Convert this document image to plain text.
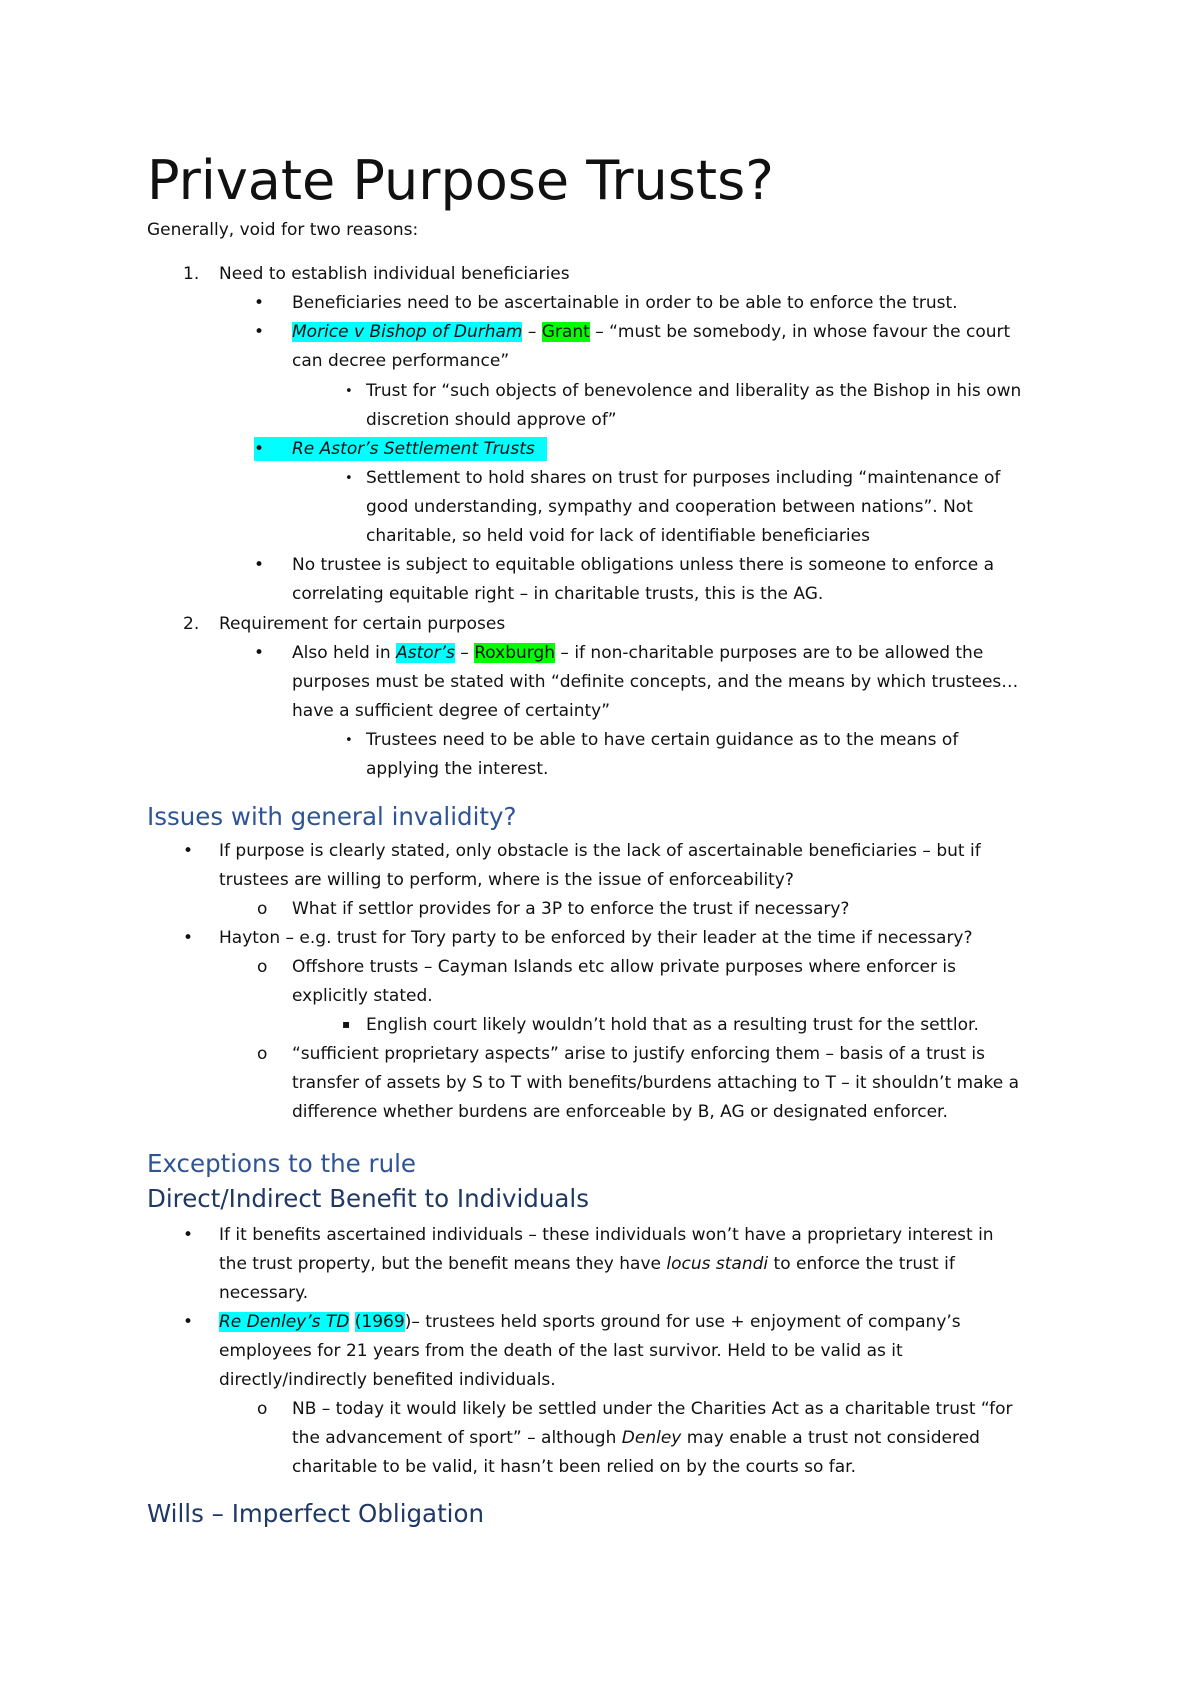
Private Purpose Trusts?
Generally, void for two reasons:
1. Need to establish individual beneficiaries
• Beneficiaries need to be ascertainable in order to be able to enforce the trust.
• Morice v Bishop of Durham – Grant – “must be somebody, in whose favour the court
can decree performance”
• Trust for “such objects of benevolence and liberality as the Bishop in his own
discretion should approve of”
• Re Astor’s Settlement Trusts
• Settlement to hold shares on trust for purposes including “maintenance of
good understanding, sympathy and cooperation between nations”. Not
charitable, so held void for lack of identifiable beneficiaries
• No trustee is subject to equitable obligations unless there is someone to enforce a
correlating equitable right – in charitable trusts, this is the AG.
2. Requirement for certain purposes
• Also held in Astor’s – Roxburgh – if non-charitable purposes are to be allowed the
purposes must be stated with “definite concepts, and the means by which trustees…
have a sufficient degree of certainty”
• Trustees need to be able to have certain guidance as to the means of
applying the interest.
Issues with general invalidity?
• If purpose is clearly stated, only obstacle is the lack of ascertainable beneficiaries – but if
trustees are willing to perform, where is the issue of enforceability?
o What if settlor provides for a 3P to enforce the trust if necessary?
• Hayton – e.g. trust for Tory party to be enforced by their leader at the time if necessary?
o Offshore trusts – Cayman Islands etc allow private purposes where enforcer is
explicitly stated.
▪ English court likely wouldn’t hold that as a resulting trust for the settlor.
o “sufficient proprietary aspects” arise to justify enforcing them – basis of a trust is
transfer of assets by S to T with benefits/burdens attaching to T – it shouldn’t make a
difference whether burdens are enforceable by B, AG or designated enforcer.
Exceptions to the rule
Direct/Indirect Benefit to Individuals
• If it benefits ascertained individuals – these individuals won’t have a proprietary interest in
the trust property, but the benefit means they have locus standi to enforce the trust if
necessary.
• Re Denley’s TD (1969)– trustees held sports ground for use + enjoyment of company’s
employees for 21 years from the death of the last survivor. Held to be valid as it
directly/indirectly benefited individuals.
o NB – today it would likely be settled under the Charities Act as a charitable trust “for
the advancement of sport” – although Denley may enable a trust not considered
charitable to be valid, it hasn’t been relied on by the courts so far.
Wills – Imperfect Obligation
